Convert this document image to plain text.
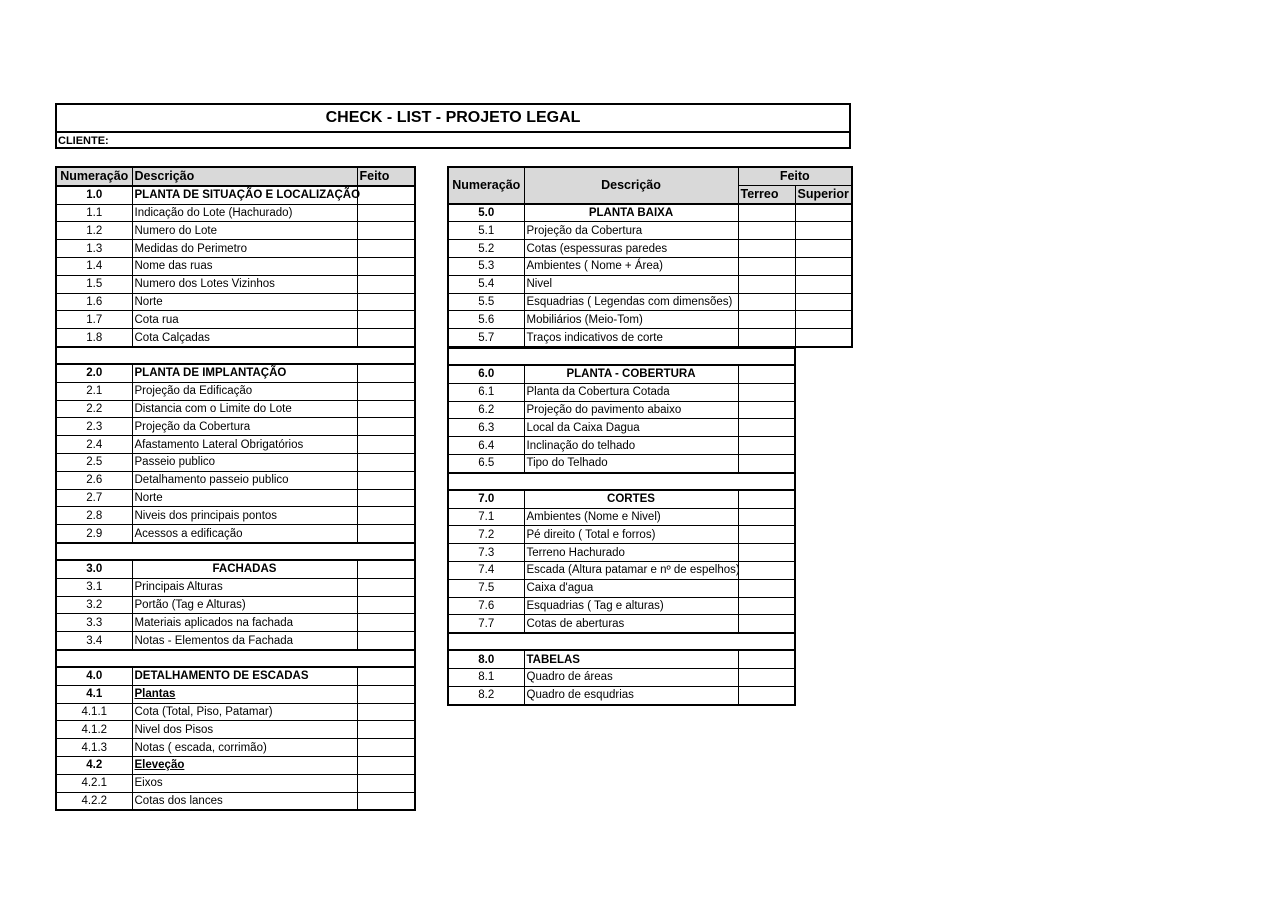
CHECK - LIST - PROJETO LEGAL
CLIENTE:
Numeração	Descrição	Feito
1.0	PLANTA DE SITUAÇÃO E LOCALIZAÇÃO	
1.1	Indicação do Lote (Hachurado)	
1.2	Numero do Lote	
1.3	Medidas do Perimetro	
1.4	Nome das ruas	
1.5	Numero dos Lotes Vizinhos	
1.6	Norte	
1.7	Cota rua	
1.8	Cota Calçadas	

2.0	PLANTA DE IMPLANTAÇÃO	
2.1	Projeção da Edificação	
2.2	Distancia com o Limite do Lote	
2.3	Projeção da Cobertura	
2.4	Afastamento Lateral Obrigatórios	
2.5	Passeio publico	
2.6	Detalhamento passeio publico	
2.7	Norte	
2.8	Niveis dos principais pontos	
2.9	Acessos a edificação	

3.0	FACHADAS	
3.1	Principais Alturas	
3.2	Portão (Tag e Alturas)	
3.3	Materiais aplicados na fachada	
3.4	Notas - Elementos da Fachada	

4.0	DETALHAMENTO DE ESCADAS	
4.1	Plantas	
4.1.1	Cota (Total, Piso, Patamar)	
4.1.2	Nivel dos Pisos	
4.1.3	Notas ( escada, corrimão)	
4.2	Eleveção	
4.2.1	Eixos	
4.2.2	Cotas dos lances	
Numeração	Descrição	Feito	
		Terreo	Superior
5.0	PLANTA BAIXA		
5.1	Projeção da Cobertura		
5.2	Cotas (espessuras paredes		
5.3	Ambientes ( Nome + Área)		
5.4	Nivel		
5.5	Esquadrias ( Legendas com dimensões)		
5.6	Mobiliários (Meio-Tom)		
5.7	Traços indicativos de corte		

6.0	PLANTA - COBERTURA	
6.1	Planta da Cobertura Cotada	
6.2	Projeção do pavimento abaixo	
6.3	Local da Caixa Dagua	
6.4	Inclinação do telhado	
6.5	Tipo do Telhado	

7.0	CORTES	
7.1	Ambientes (Nome e Nivel)	
7.2	Pé direito ( Total e forros)	
7.3	Terreno Hachurado	
7.4	Escada (Altura patamar e nº de espelhos)	
7.5	Caixa d'agua	
7.6	Esquadrias ( Tag e alturas)	
7.7	Cotas de aberturas	

8.0	TABELAS	
8.1	Quadro de áreas	
8.2	Quadro de esqudrias	
